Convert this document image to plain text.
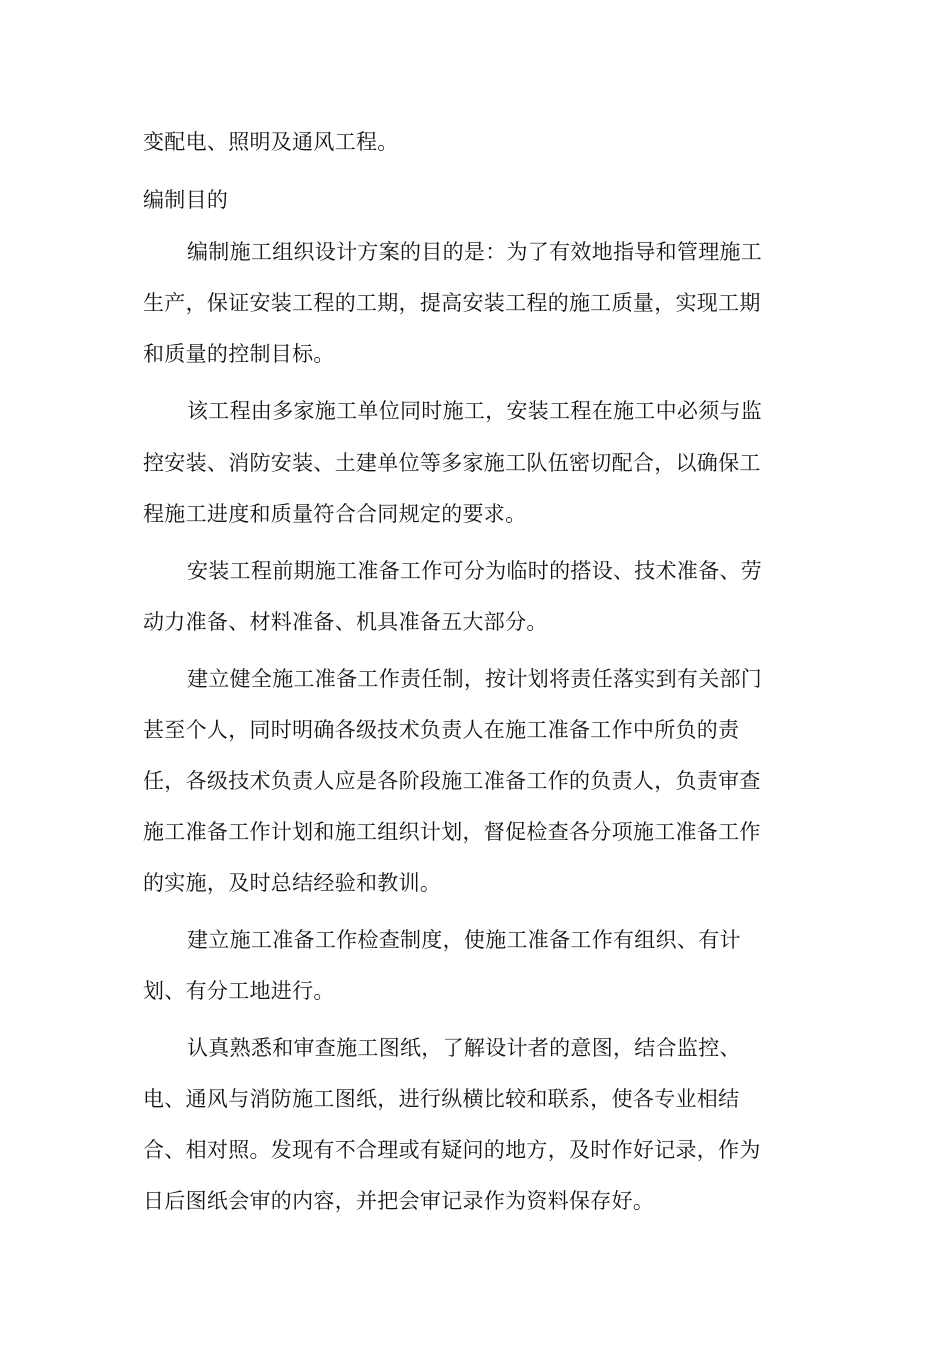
变配电、照明及通风工程。
编制目的
编制施工组织设计方案的目的是：为了有效地指导和管理施工
生产，保证安装工程的工期，提高安装工程的施工质量，实现工期
和质量的控制目标。
该工程由多家施工单位同时施工，安装工程在施工中必须与监
控安装、消防安装、土建单位等多家施工队伍密切配合，以确保工
程施工进度和质量符合合同规定的要求。
安装工程前期施工准备工作可分为临时的搭设、技术准备、劳
动力准备、材料准备、机具准备五大部分。
建立健全施工准备工作责任制，按计划将责任落实到有关部门
甚至个人，同时明确各级技术负责人在施工准备工作中所负的责
任，各级技术负责人应是各阶段施工准备工作的负责人，负责审查
施工准备工作计划和施工组织计划，督促检查各分项施工准备工作
的实施，及时总结经验和教训。
建立施工准备工作检查制度，使施工准备工作有组织、有计
划、有分工地进行。
认真熟悉和审查施工图纸，了解设计者的意图，结合监控、
电、通风与消防施工图纸，进行纵横比较和联系，使各专业相结
合、相对照。发现有不合理或有疑问的地方，及时作好记录，作为
日后图纸会审的内容，并把会审记录作为资料保存好。
